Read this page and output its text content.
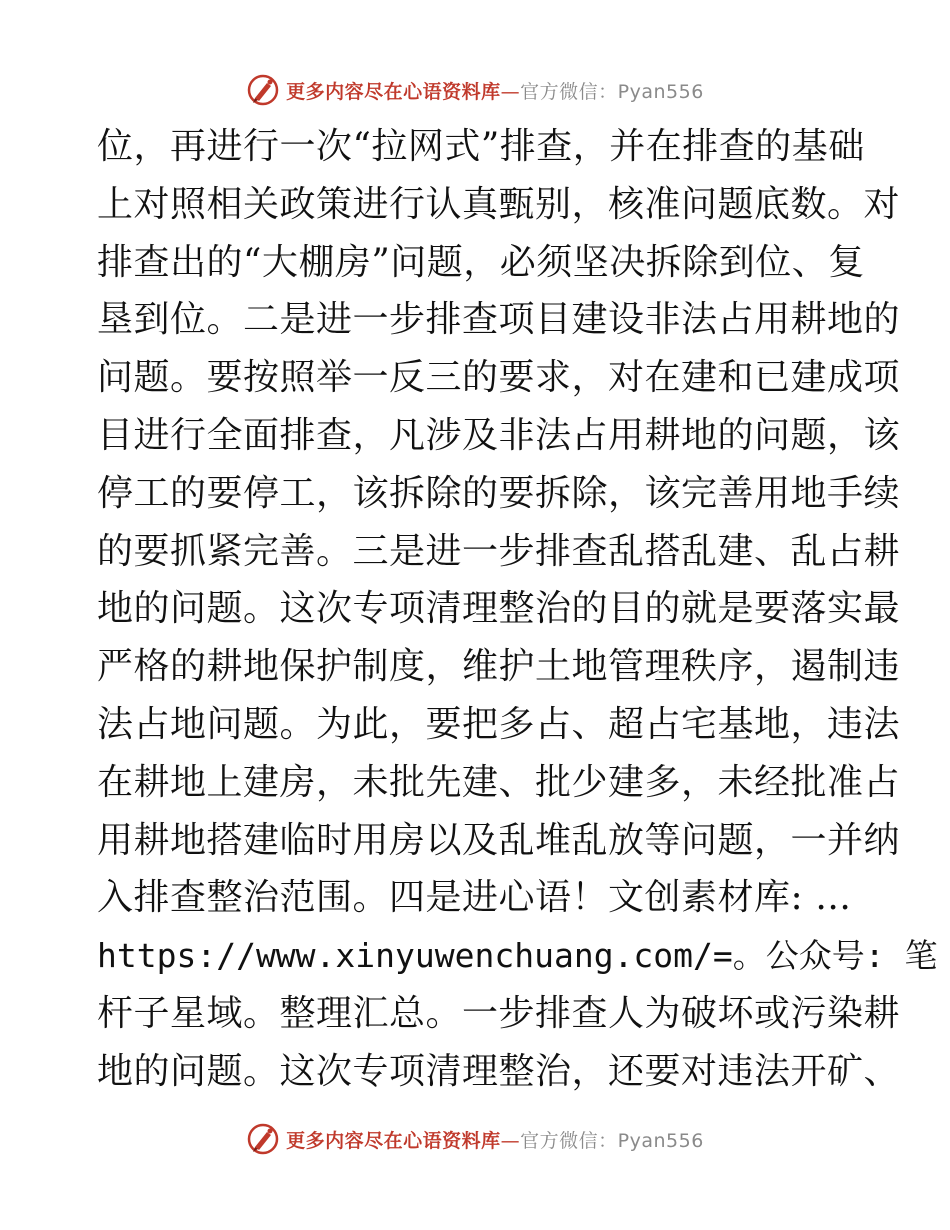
更多内容尽在心语资料库—官方微信：Pyan556
位，再进行一次“拉网式”排查，并在排查的基础
上对照相关政策进行认真甄别，核准问题底数。对
排查出的“大棚房”问题，必须坚决拆除到位、复
垦到位。二是进一步排查项目建设非法占用耕地的
问题。要按照举一反三的要求，对在建和已建成项
目进行全面排查，凡涉及非法占用耕地的问题，该
停工的要停工，该拆除的要拆除，该完善用地手续
的要抓紧完善。三是进一步排查乱搭乱建、乱占耕
地的问题。这次专项清理整治的目的就是要落实最
严格的耕地保护制度，维护土地管理秩序，遏制违
法占地问题。为此，要把多占、超占宅基地，违法
在耕地上建房，未批先建、批少建多，未经批准占
用耕地搭建临时用房以及乱堆乱放等问题，一并纳
入排查整治范围。四是进心语！文创素材库: …
https://www.xinyuwenchuang.com/=。公众号: 笔
杆子星域。整理汇总。一步排查人为破坏或污染耕
地的问题。这次专项清理整治，还要对违法开矿、
更多内容尽在心语资料库—官方微信：Pyan556
